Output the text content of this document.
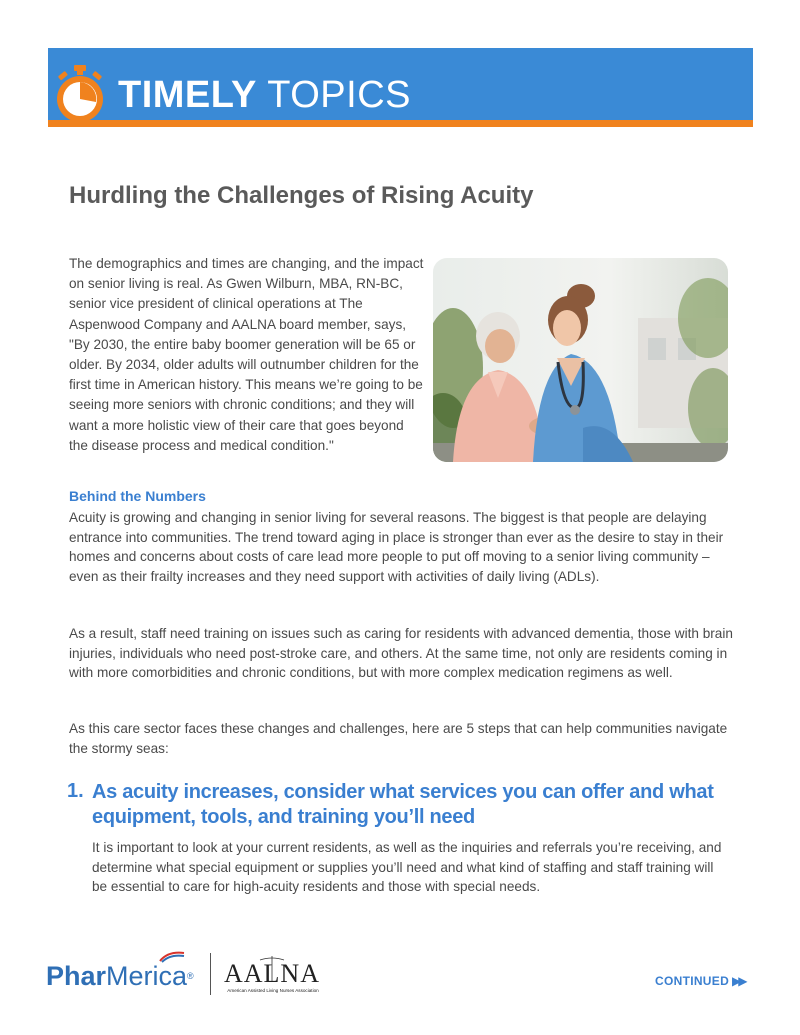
TIMELY TOPICS
Hurdling the Challenges of Rising Acuity

The demographics and times are changing, and the impact on senior living is real. As Gwen Wilburn, MBA, RN-BC, senior vice president of clinical operations at The Aspenwood Company and AALNA board member, says, "By 2030, the entire baby boomer generation will be 65 or older. By 2034, older adults will outnumber children for the first time in American history. This means we’re going to be seeing more seniors with chronic conditions; and they will want a more holistic view of their care that goes beyond the disease process and medical condition."

Behind the Numbers

Acuity is growing and changing in senior living for several reasons. The biggest is that people are delaying entrance into communities. The trend toward aging in place is stronger than ever as the desire to stay in their homes and concerns about costs of care lead more people to put off moving to a senior living community – even as their frailty increases and they need support with activities of daily living (ADLs).

As a result, staff need training on issues such as caring for residents with advanced dementia, those with brain injuries, individuals who need post-stroke care, and others. At the same time, not only are residents coming in with more comorbidities and chronic conditions, but with more complex medication regimens as well.

As this care sector faces these changes and challenges, here are 5 steps that can help communities navigate the stormy seas:

1. As acuity increases, consider what services you can offer and what equipment, tools, and training you’ll need

It is important to look at your current residents, as well as the inquiries and referrals you’re receiving, and determine what special equipment or supplies you’ll need and what kind of staffing and staff training will be essential to care for high-acuity residents and those with special needs.

PharMerica® AALNA
American Assisted Living Nurses Association
CONTINUED ▶▶
